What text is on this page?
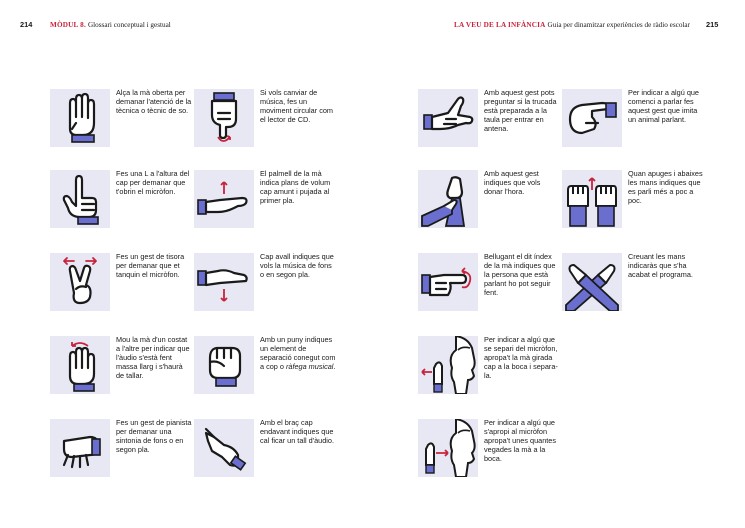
214 MÒDUL 8. Glossari conceptual i gestual	LA VEU DE LA INFÀNCIA Guia per dinamitzar experiències de ràdio escolar 215
Alça la mà oberta per demanar l'atenció de la tècnica o tècnic de so.
Fes una L a l'altura del cap per demanar que t'obrin el micròfon.
Fes un gest de tisora per demanar que et tanquin el micròfon.
Mou la mà d'un costat a l'altre per indicar que l'àudio s'està fent massa llarg i s'haurà de tallar.
Fes un gest de pianista per demanar una sintonia de fons o en segon pla.
Si vols canviar de música, fes un moviment circular com el lector de CD.
El palmell de la mà indica plans de volum cap amunt i pujada al primer pla.
Cap avall indiques que vols la música de fons o en segon pla.
Amb un puny indiques un element de separació conegut com a cop o ràfega musical.
Amb el braç cap endavant indiques que cal ficar un tall d'àudio.
Amb aquest gest pots preguntar si la trucada està preparada a la taula per entrar en antena.
Amb aquest gest indiques que vols donar l'hora.
Bellugant el dit índex de la mà indiques que la persona que està parlant ho pot seguir fent.
Per indicar a algú que se separi del micròfon, apropa't la mà girada cap a la boca i separa-la.
Per indicar a algú que s'apropi al micròfon apropa't unes quantes vegades la mà a la boca.
Per indicar a algú que comenci a parlar fes aquest gest que imita un animal parlant.
Quan apuges i abaixes les mans indiques que es parli més a poc a poc.
Creuant les mans indicaràs que s'ha acabat el programa.
